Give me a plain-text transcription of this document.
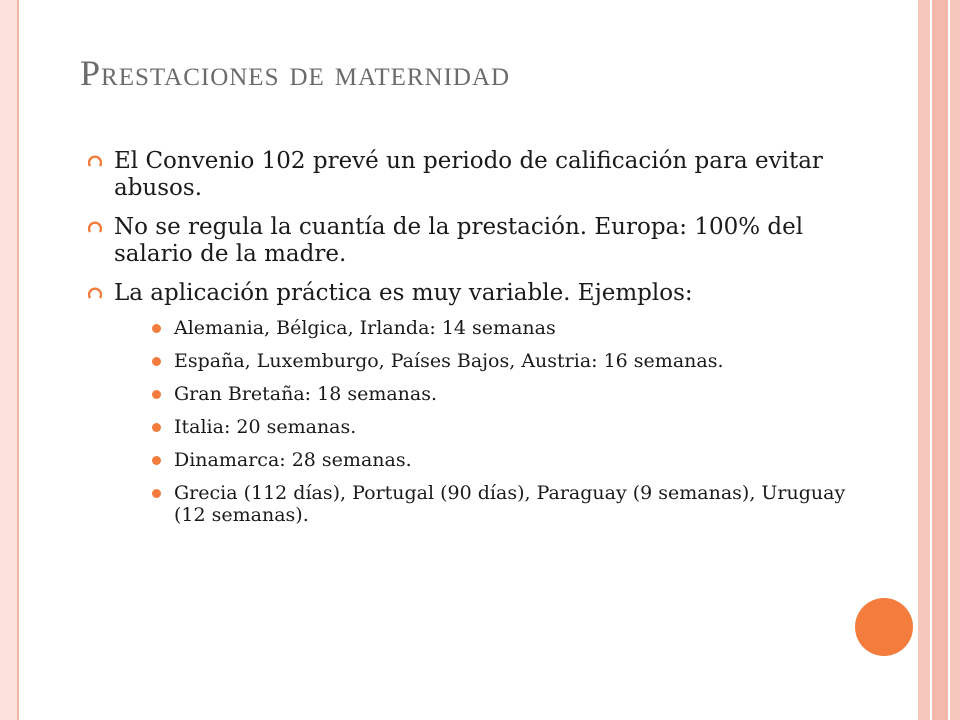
Prestaciones de maternidad
El Convenio 102 prevé un periodo de calificación para evitar abusos.
No se regula la cuantía de la prestación. Europa: 100% del salario de la madre.
La aplicación práctica es muy variable. Ejemplos:
Alemania, Bélgica, Irlanda: 14 semanas
España, Luxemburgo, Países Bajos, Austria: 16 semanas.
Gran Bretaña: 18 semanas.
Italia: 20 semanas.
Dinamarca: 28 semanas.
Grecia (112 días), Portugal (90 días), Paraguay (9 semanas), Uruguay (12 semanas).
